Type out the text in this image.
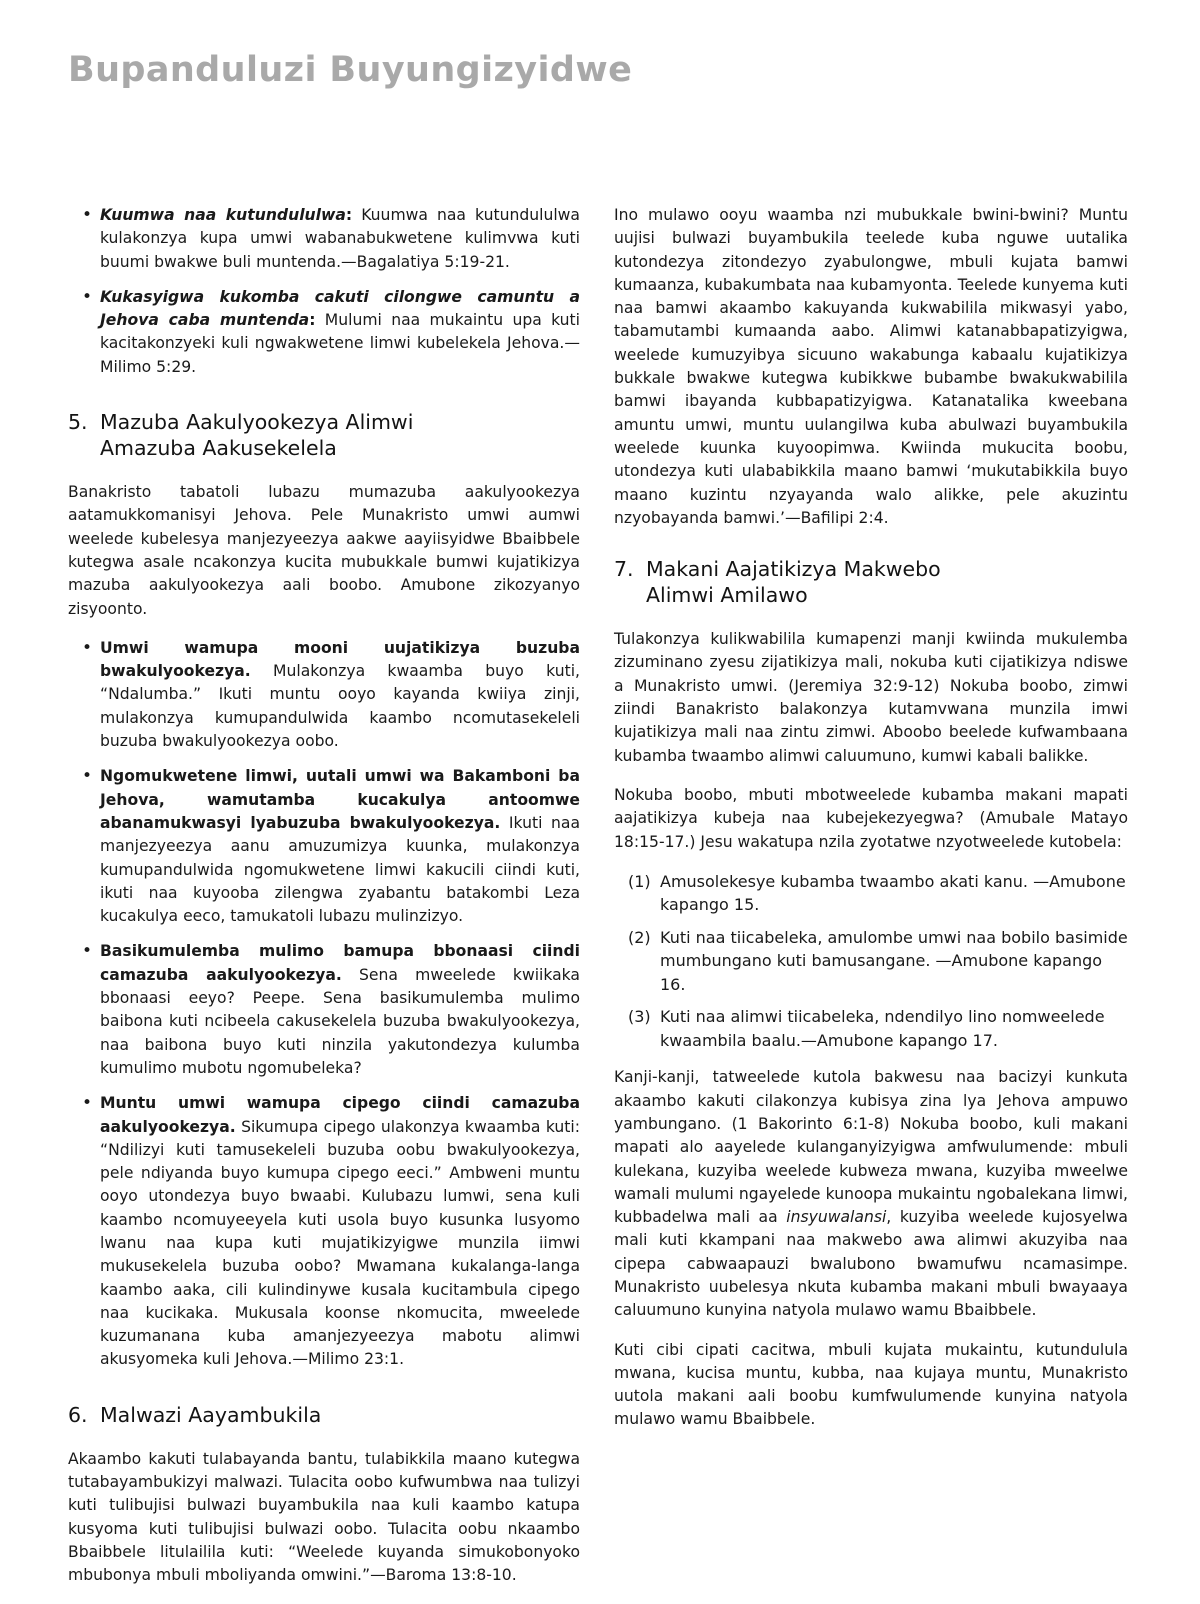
Bupanduluzi Buyungizyidwe
• Kuumwa naa kutundululwa: Kuumwa naa kutundululwa kulakonzya kupa umwi wabanabukwetene kulimvwa kuti buumi bwakwe buli muntenda.—Bagalatiya 5:19-21.
• Kukasyigwa kukomba cakuti cilongwe camuntu a Jehova caba muntenda: Mulumi naa mukaintu upa kuti kacitakonzyeki kuli ngwakwetene limwi kubelekela Jehova.—Milimo 5:29.
5. Mazuba Aakulyookezya Alimwi
Amazuba Aakusekelela

Banakristo tabatoli lubazu mumazuba aakulyookezya aatamukkomanisyi Jehova. Pele Munakristo umwi aumwi weelede kubelesya manjezyeezya aakwe aayiisyidwe Bbaibbele kutegwa asale ncakonzya kucita mubukkale bumwi kujatikizya mazuba aakulyookezya aali boobo. Amubone zikozyanyo zisyoonto.

• Umwi wamupa mooni uujatikizya buzuba bwakulyookezya. Mulakonzya kwaamba buyo kuti, “Ndalumba.” Ikuti muntu ooyo kayanda kwiiya zinji, mulakonzya kumupandulwida kaambo ncomutasekeleli buzuba bwakulyookezya oobo.
• Ngomukwetene limwi, uutali umwi wa Bakamboni ba Jehova, wamutamba kucakulya antoomwe abanamukwasyi lyabuzuba bwakulyookezya. Ikuti naa manjezyeezya aanu amuzumizya kuunka, mulakonzya kumupandulwida ngomukwetene limwi kakucili ciindi kuti, ikuti naa kuyooba zilengwa zyabantu batakombi Leza kucakulya eeco, tamukatoli lubazu mulinzizyo.
• Basikumulemba mulimo bamupa bbonaasi ciindi camazuba aakulyookezya. Sena mweelede kwiikaka bbonaasi eeyo? Peepe. Sena basikumulemba mulimo baibona kuti ncibeela cakusekelela buzuba bwakulyookezya, naa baibona buyo kuti ninzila yakutondezya kulumba kumulimo mubotu ngomubeleka?
• Muntu umwi wamupa cipego ciindi camazuba aakulyookezya. Sikumupa cipego ulakonzya kwaamba kuti: “Ndilizyi kuti tamusekeleli buzuba oobu bwakulyookezya, pele ndiyanda buyo kumupa cipego eeci.” Ambweni muntu ooyo utondezya buyo bwaabi. Kulubazu lumwi, sena kuli kaambo ncomuyeeyela kuti usola buyo kusunka lusyomo lwanu naa kupa kuti mujatikizyigwe munzila iimwi mukusekelela buzuba oobo? Mwamana kukalanga-langa kaambo aaka, cili kulindinywe kusala kucitambula cipego naa kucikaka. Mukusala koonse nkomucita, mweelede kuzumanana kuba amanjezyeezya mabotu alimwi akusyomeka kuli Jehova.—Milimo 23:1.
6. Malwazi Aayambukila

Akaambo kakuti tulabayanda bantu, tulabikkila maano kutegwa tutabayambukizyi malwazi. Tulacita oobo kufwumbwa naa tulizyi kuti tulibujisi bulwazi buyambukila naa kuli kaambo katupa kusyoma kuti tulibujisi bulwazi oobo. Tulacita oobu nkaambo Bbaibbele litulailila kuti: “Weelede kuyanda simukobonyoko mbubonya mbuli mboliyanda omwini.”—Baroma 13:8-10.

Ino mulawo ooyu waamba nzi mubukkale bwini-bwini? Muntu uujisi bulwazi buyambukila teelede kuba nguwe uutalika kutondezya zitondezyo zyabulongwe, mbuli kujata bamwi kumaanza, kubakumbata naa kubamyonta. Teelede kunyema kuti naa bamwi akaambo kakuyanda kukwabilila mikwasyi yabo, tabamutambi kumaanda aabo. Alimwi katanabbapatizyigwa, weelede kumuzyibya sicuuno wakabunga kabaalu kujatikizya bukkale bwakwe kutegwa kubikkwe bubambe bwakukwabilila bamwi ibayanda kubbapatizyigwa. Katanatalika kweebana amuntu umwi, muntu uulangilwa kuba abulwazi buyambukila weelede kuunka kuyoopimwa. Kwiinda mukucita boobu, utondezya kuti ulababikkila maano bamwi ‘mukutabikkila buyo maano kuzintu nzyayanda walo alikke, pele akuzintu nzyobayanda bamwi.’—Bafilipi 2:4.

7. Makani Aajatikizya Makwebo
Alimwi Amilawo

Tulakonzya kulikwabilila kumapenzi manji kwiinda mukulemba zizuminano zyesu zijatikizya mali, nokuba kuti cijatikizya ndiswe a Munakristo umwi. (Jeremiya 32:9-12) Nokuba boobo, zimwi ziindi Banakristo balakonzya kutamvwana munzila imwi kujatikizya mali naa zintu zimwi. Aboobo beelede kufwambaana kubamba twaambo alimwi caluumuno, kumwi kabali balikke.

Nokuba boobo, mbuti mbotweelede kubamba makani mapati aajatikizya kubeja naa kubejekezyegwa? (Amubale Matayo 18:15-17.) Jesu wakatupa nzila zyotatwe nzyotweelede kutobela:

(1) Amusolekesye kubamba twaambo akati kanu. —Amubone kapango 15.
(2) Kuti naa tiicabeleka, amulombe umwi naa bobilo basimide mumbungano kuti bamusangane. —Amubone kapango 16.
(3) Kuti naa alimwi tiicabeleka, ndendilyo lino nomweelede kwaambila baalu.—Amubone kapango 17.

Kanji-kanji, tatweelede kutola bakwesu naa bacizyi kunkuta akaambo kakuti cilakonzya kubisya zina lya Jehova ampuwo yambungano. (1 Bakorinto 6:1-8) Nokuba boobo, kuli makani mapati alo aayelede kulanganyizyigwa amfwulumende: mbuli kulekana, kuzyiba weelede kubweza mwana, kuzyiba mweelwe wamali mulumi ngayelede kunoopa mukaintu ngobalekana limwi, kubbadelwa mali aa insyuwalansi, kuzyiba weelede kujosyelwa mali kuti kkampani naa makwebo awa alimwi akuzyiba naa cipepa cabwaapauzi bwalubono bwamufwu ncamasimpe. Munakristo uubelesya nkuta kubamba makani mbuli bwayaaya caluumuno kunyina natyola mulawo wamu Bbaibbele.

Kuti cibi cipati cacitwa, mbuli kujata mukaintu, kutundulula mwana, kucisa muntu, kubba, naa kujaya muntu, Munakristo uutola makani aali boobu kumfwulumende kunyina natyola mulawo wamu Bbaibbele.
